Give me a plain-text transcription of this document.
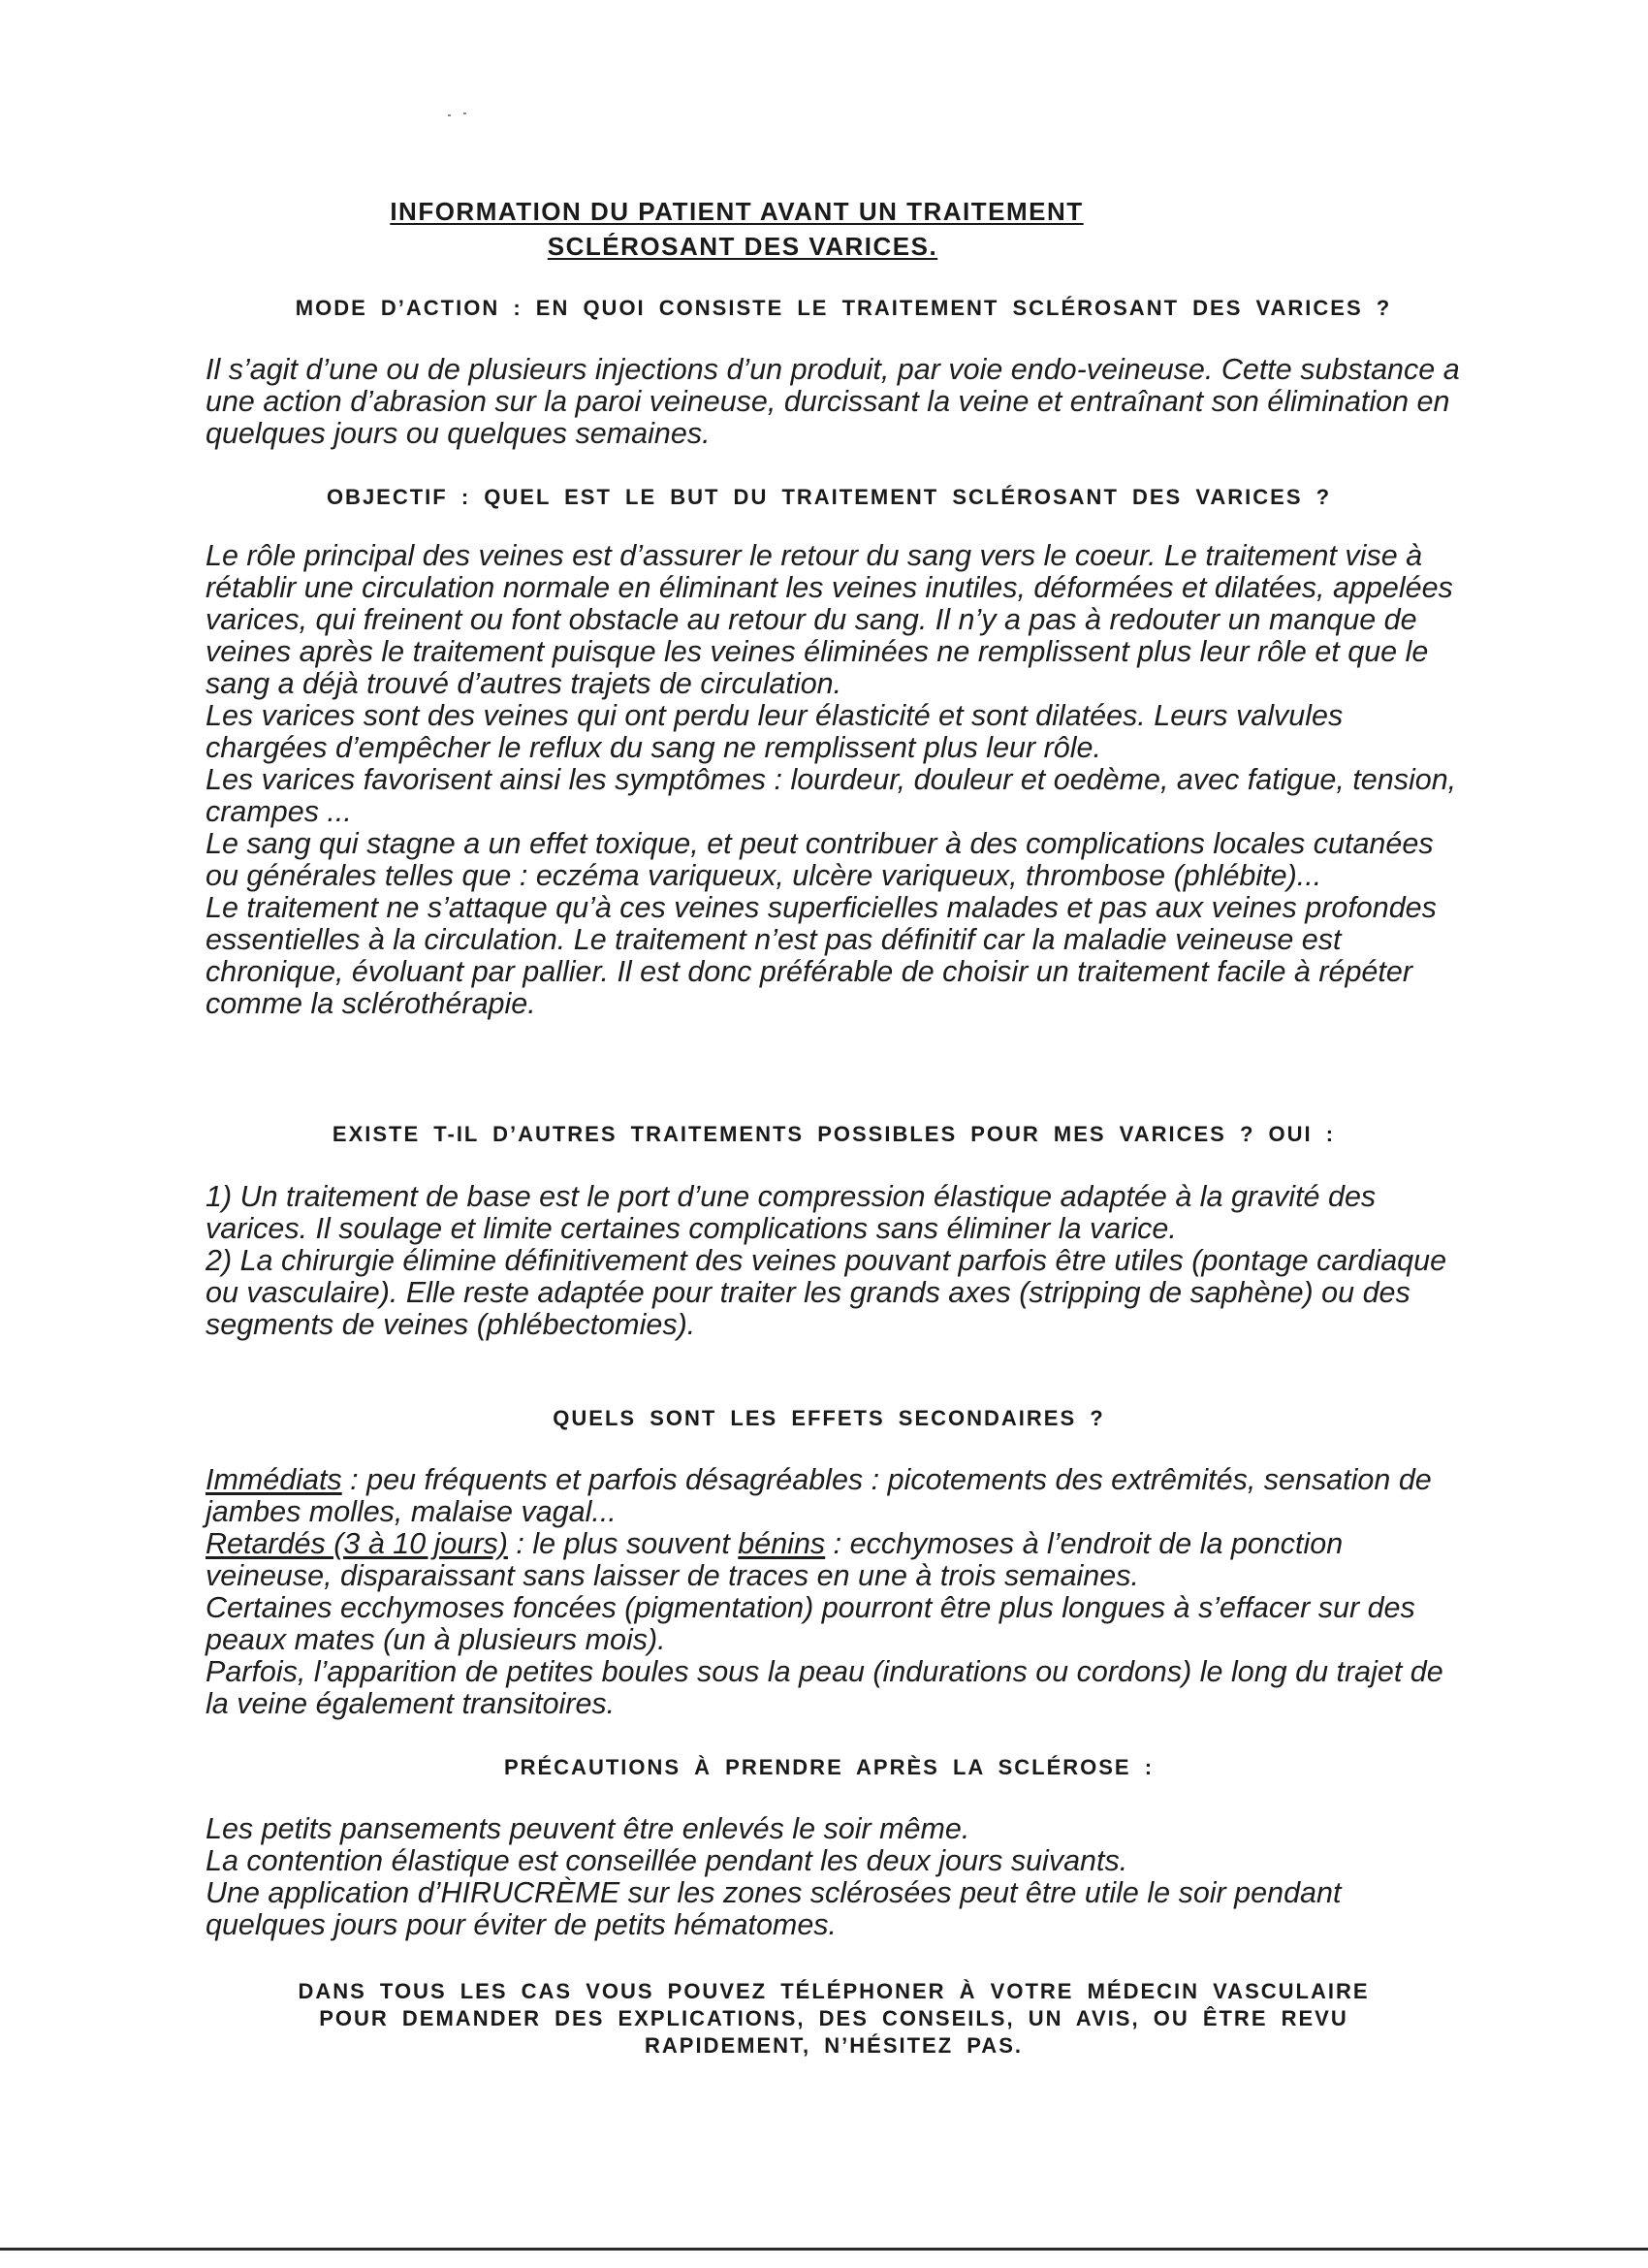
INFORMATION DU PATIENT AVANT UN TRAITEMENT
SCLÉROSANT DES VARICES.
MODE D’ACTION : EN QUOI CONSISTE LE TRAITEMENT SCLÉROSANT DES VARICES ?

Il s’agit d’une ou de plusieurs injections d’un produit, par voie endo-veineuse. Cette substance a une action d’abrasion sur la paroi veineuse, durcissant la veine et entraînant son élimination en quelques jours ou quelques semaines.

OBJECTIF : QUEL EST LE BUT DU TRAITEMENT SCLÉROSANT DES VARICES ?

Le rôle principal des veines est d’assurer le retour du sang vers le coeur. Le traitement vise à rétablir une circulation normale en éliminant les veines inutiles, déformées et dilatées, appelées varices, qui freinent ou font obstacle au retour du sang. Il n’y a pas à redouter un manque de veines après le traitement puisque les veines éliminées ne remplissent plus leur rôle et que le sang a déjà trouvé d’autres trajets de circulation.

Les varices sont des veines qui ont perdu leur élasticité et sont dilatées. Leurs valvules chargées d’empêcher le reflux du sang ne remplissent plus leur rôle.

Les varices favorisent ainsi les symptômes : lourdeur, douleur et oedème, avec fatigue, tension, crampes ...

Le sang qui stagne a un effet toxique, et peut contribuer à des complications locales cutanées ou générales telles que : eczéma variqueux, ulcère variqueux, thrombose (phlébite)...

Le traitement ne s’attaque qu’à ces veines superficielles malades et pas aux veines profondes essentielles à la circulation. Le traitement n’est pas définitif car la maladie veineuse est chronique, évoluant par pallier. Il est donc préférable de choisir un traitement facile à répéter comme la sclérothérapie.

EXISTE T-IL D’AUTRES TRAITEMENTS POSSIBLES POUR MES VARICES ? OUI :

1) Un traitement de base est le port d’une compression élastique adaptée à la gravité des varices. Il soulage et limite certaines complications sans éliminer la varice.

2) La chirurgie élimine définitivement des veines pouvant parfois être utiles (pontage cardiaque ou vasculaire). Elle reste adaptée pour traiter les grands axes (stripping de saphène) ou des segments de veines (phlébectomies).

QUELS SONT LES EFFETS SECONDAIRES ?

Immédiats : peu fréquents et parfois désagréables : picotements des extrêmités, sensation de jambes molles, malaise vagal...

Retardés (3 à 10 jours) : le plus souvent bénins : ecchymoses à l’endroit de la ponction veineuse, disparaissant sans laisser de traces en une à trois semaines.

Certaines ecchymoses foncées (pigmentation) pourront être plus longues à s’effacer sur des peaux mates (un à plusieurs mois).

Parfois, l’apparition de petites boules sous la peau (indurations ou cordons) le long du trajet de la veine également transitoires.

PRÉCAUTIONS À PRENDRE APRÈS LA SCLÉROSE :

Les petits pansements peuvent être enlevés le soir même.

La contention élastique est conseillée pendant les deux jours suivants.

Une application d’HIRUCRÈME sur les zones sclérosées peut être utile le soir pendant quelques jours pour éviter de petits hématomes.

DANS TOUS LES CAS VOUS POUVEZ TÉLÉPHONER À VOTRE MÉDECIN VASCULAIRE
POUR DEMANDER DES EXPLICATIONS, DES CONSEILS, UN AVIS, OU ÊTRE REVU
RAPIDEMENT, N’HÉSITEZ PAS.
